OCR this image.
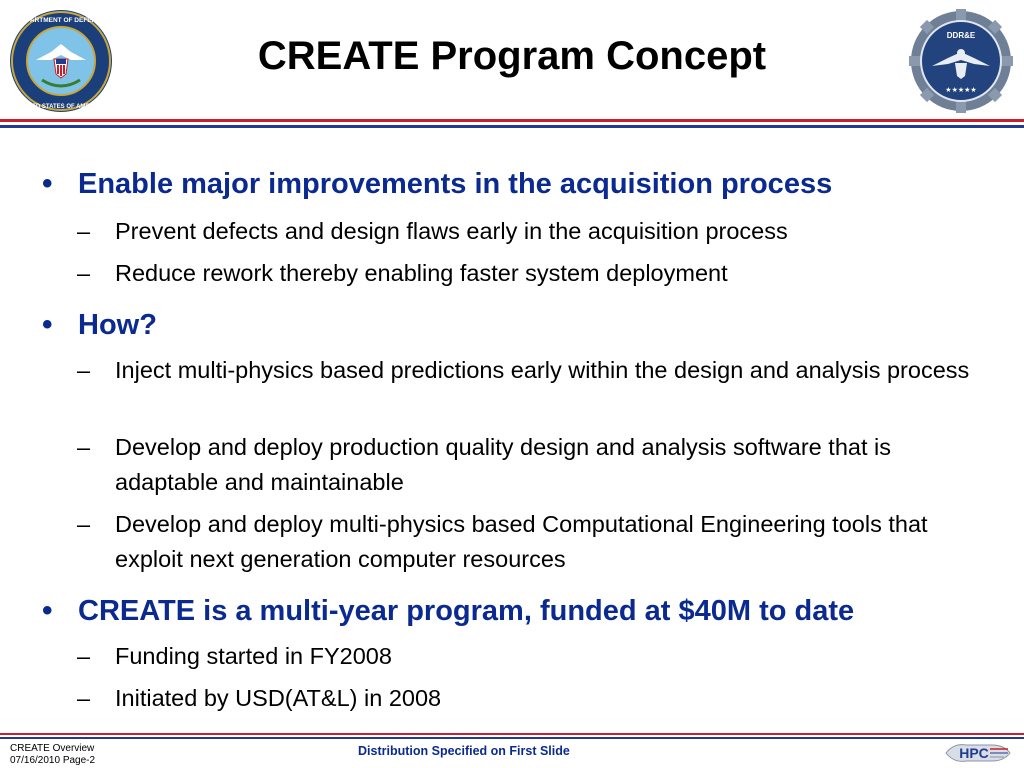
DEPARTMENT OF DEFENSE
UNITED STATES OF AMERICA
CREATE Program Concept	DDR&E
★★★★★
• Enable major improvements in the acquisition process
– Prevent defects and design flaws early in the acquisition process
– Reduce rework thereby enabling faster system deployment
• How?
– Inject multi-physics based predictions early within the design and analysis process
– Develop and deploy production quality design and analysis software that is adaptable and maintainable
– Develop and deploy multi-physics based Computational Engineering tools that exploit next generation computer resources
• CREATE is a multi-year program, funded at $40M to date
– Funding started in FY2008
– Initiated by USD(AT&L) in 2008
CREATE Overview
07/16/2010 Page-2
Distribution Specified on First Slide	HPC
